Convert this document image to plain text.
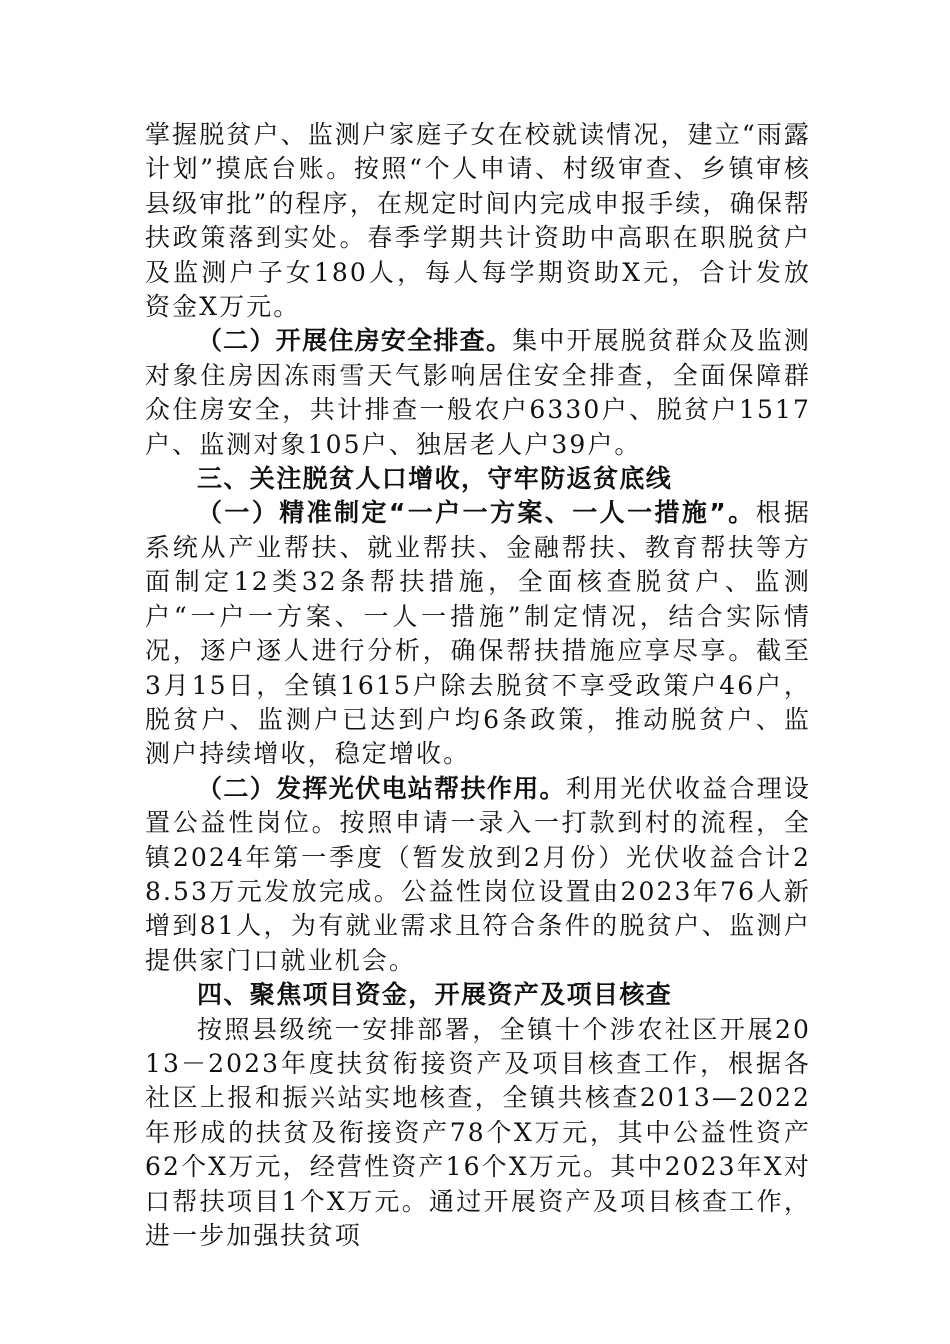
掌握脱贫户、监测户家庭子女在校就读情况，建立“雨露计划”摸底台账。按照“个人申请、村级审查、乡镇审核县级审批”的程序，在规定时间内完成申报手续，确保帮扶政策落到实处。春季学期共计资助中高职在职脱贫户及监测户子女180人，每人每学期资助X元，合计发放资金X万元。

（二）开展住房安全排查。集中开展脱贫群众及监测对象住房因冻雨雪天气影响居住安全排查，全面保障群众住房安全，共计排查一般农户6330户、脱贫户1517户、监测对象105户、独居老人户39户。

三、关注脱贫人口增收，守牢防返贫底线

（一）精准制定“一户一方案、一人一措施”。根据系统从产业帮扶、就业帮扶、金融帮扶、教育帮扶等方面制定12类32条帮扶措施，全面核查脱贫户、监测户“一户一方案、一人一措施”制定情况，结合实际情况，逐户逐人进行分析，确保帮扶措施应享尽享。截至3月15日，全镇1615户除去脱贫不享受政策户46户，脱贫户、监测户已达到户均6条政策，推动脱贫户、监测户持续增收，稳定增收。

（二）发挥光伏电站帮扶作用。利用光伏收益合理设置公益性岗位。按照申请一录入一打款到村的流程，全镇2024年第一季度（暂发放到2月份）光伏收益合计28.53万元发放完成。公益性岗位设置由2023年76人新增到81人，为有就业需求且符合条件的脱贫户、监测户提供家门口就业机会。

四、聚焦项目资金，开展资产及项目核查

按照县级统一安排部署，全镇十个涉农社区开展2013－2023年度扶贫衔接资产及项目核查工作，根据各社区上报和振兴站实地核查，全镇共核查2013—2022年形成的扶贫及衔接资产78个X万元，其中公益性资产62个X万元，经营性资产16个X万元。其中2023年X对口帮扶项目1个X万元。通过开展资产及项目核查工作，进一步加强扶贫项
